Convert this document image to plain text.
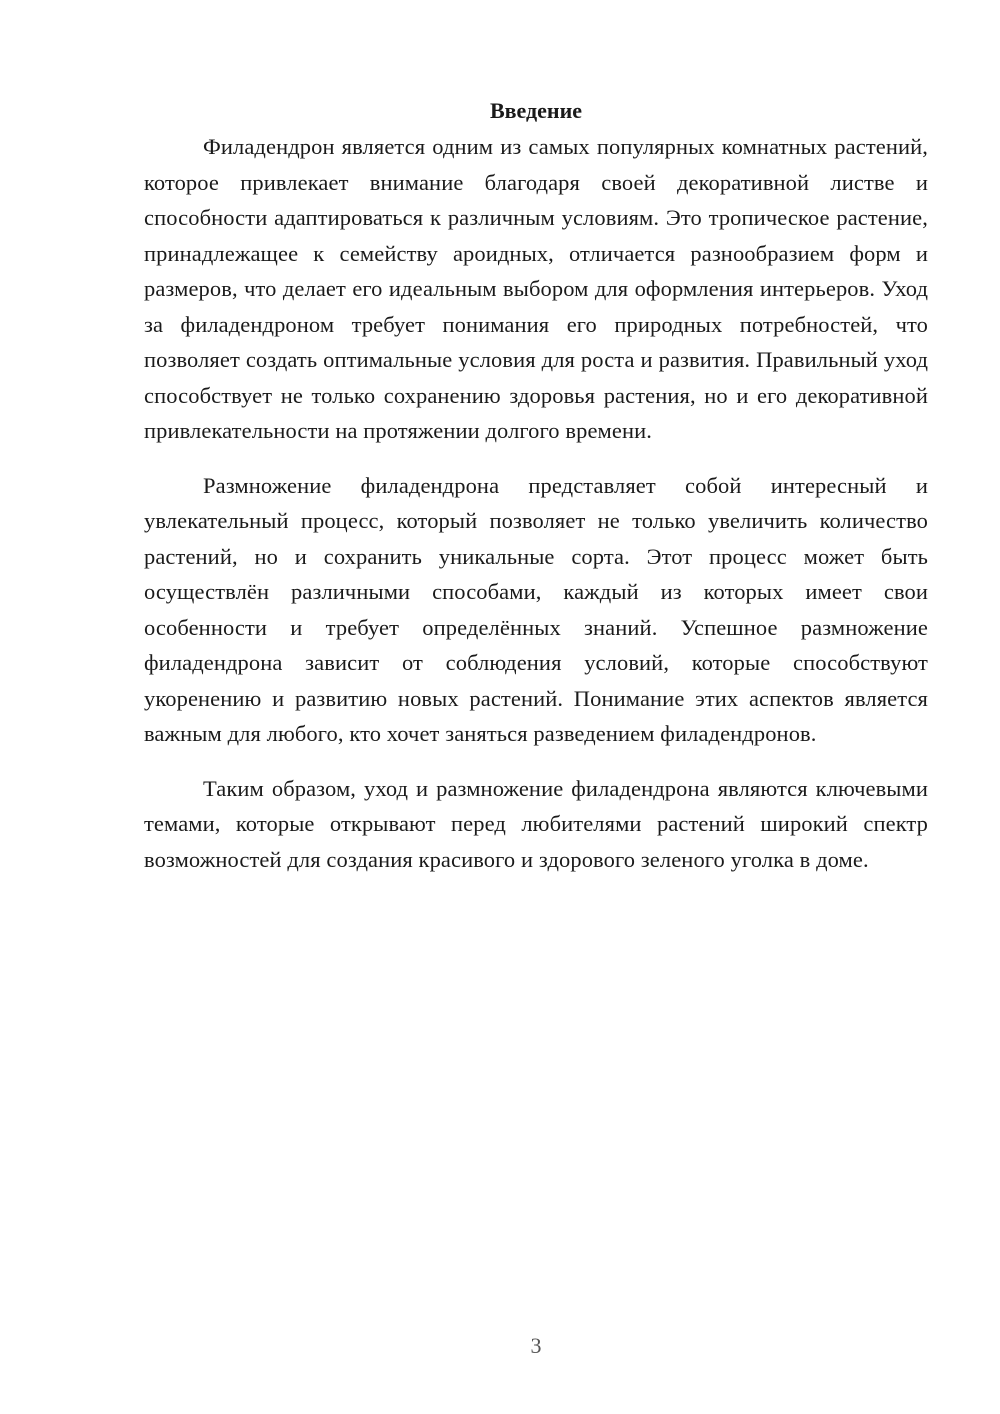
Введение

Филадендрон является одним из самых популярных комнатных растений, которое привлекает внимание благодаря своей декоративной листве и способности адаптироваться к различным условиям. Это тропическое растение, принадлежащее к семейству ароидных, отличается разнообразием форм и размеров, что делает его идеальным выбором для оформления интерьеров. Уход за филадендроном требует понимания его природных потребностей, что позволяет создать оптимальные условия для роста и развития. Правильный уход способствует не только сохранению здоровья растения, но и его декоративной привлекательности на протяжении долгого времени.

Размножение филадендрона представляет собой интересный и увлекательный процесс, который позволяет не только увеличить количество растений, но и сохранить уникальные сорта. Этот процесс может быть осуществлён различными способами, каждый из которых имеет свои особенности и требует определённых знаний. Успешное размножение филадендрона зависит от соблюдения условий, которые способствуют укоренению и развитию новых растений. Понимание этих аспектов является важным для любого, кто хочет заняться разведением филадендронов.

Таким образом, уход и размножение филадендрона являются ключевыми темами, которые открывают перед любителями растений широкий спектр возможностей для создания красивого и здорового зеленого уголка в доме.

3
